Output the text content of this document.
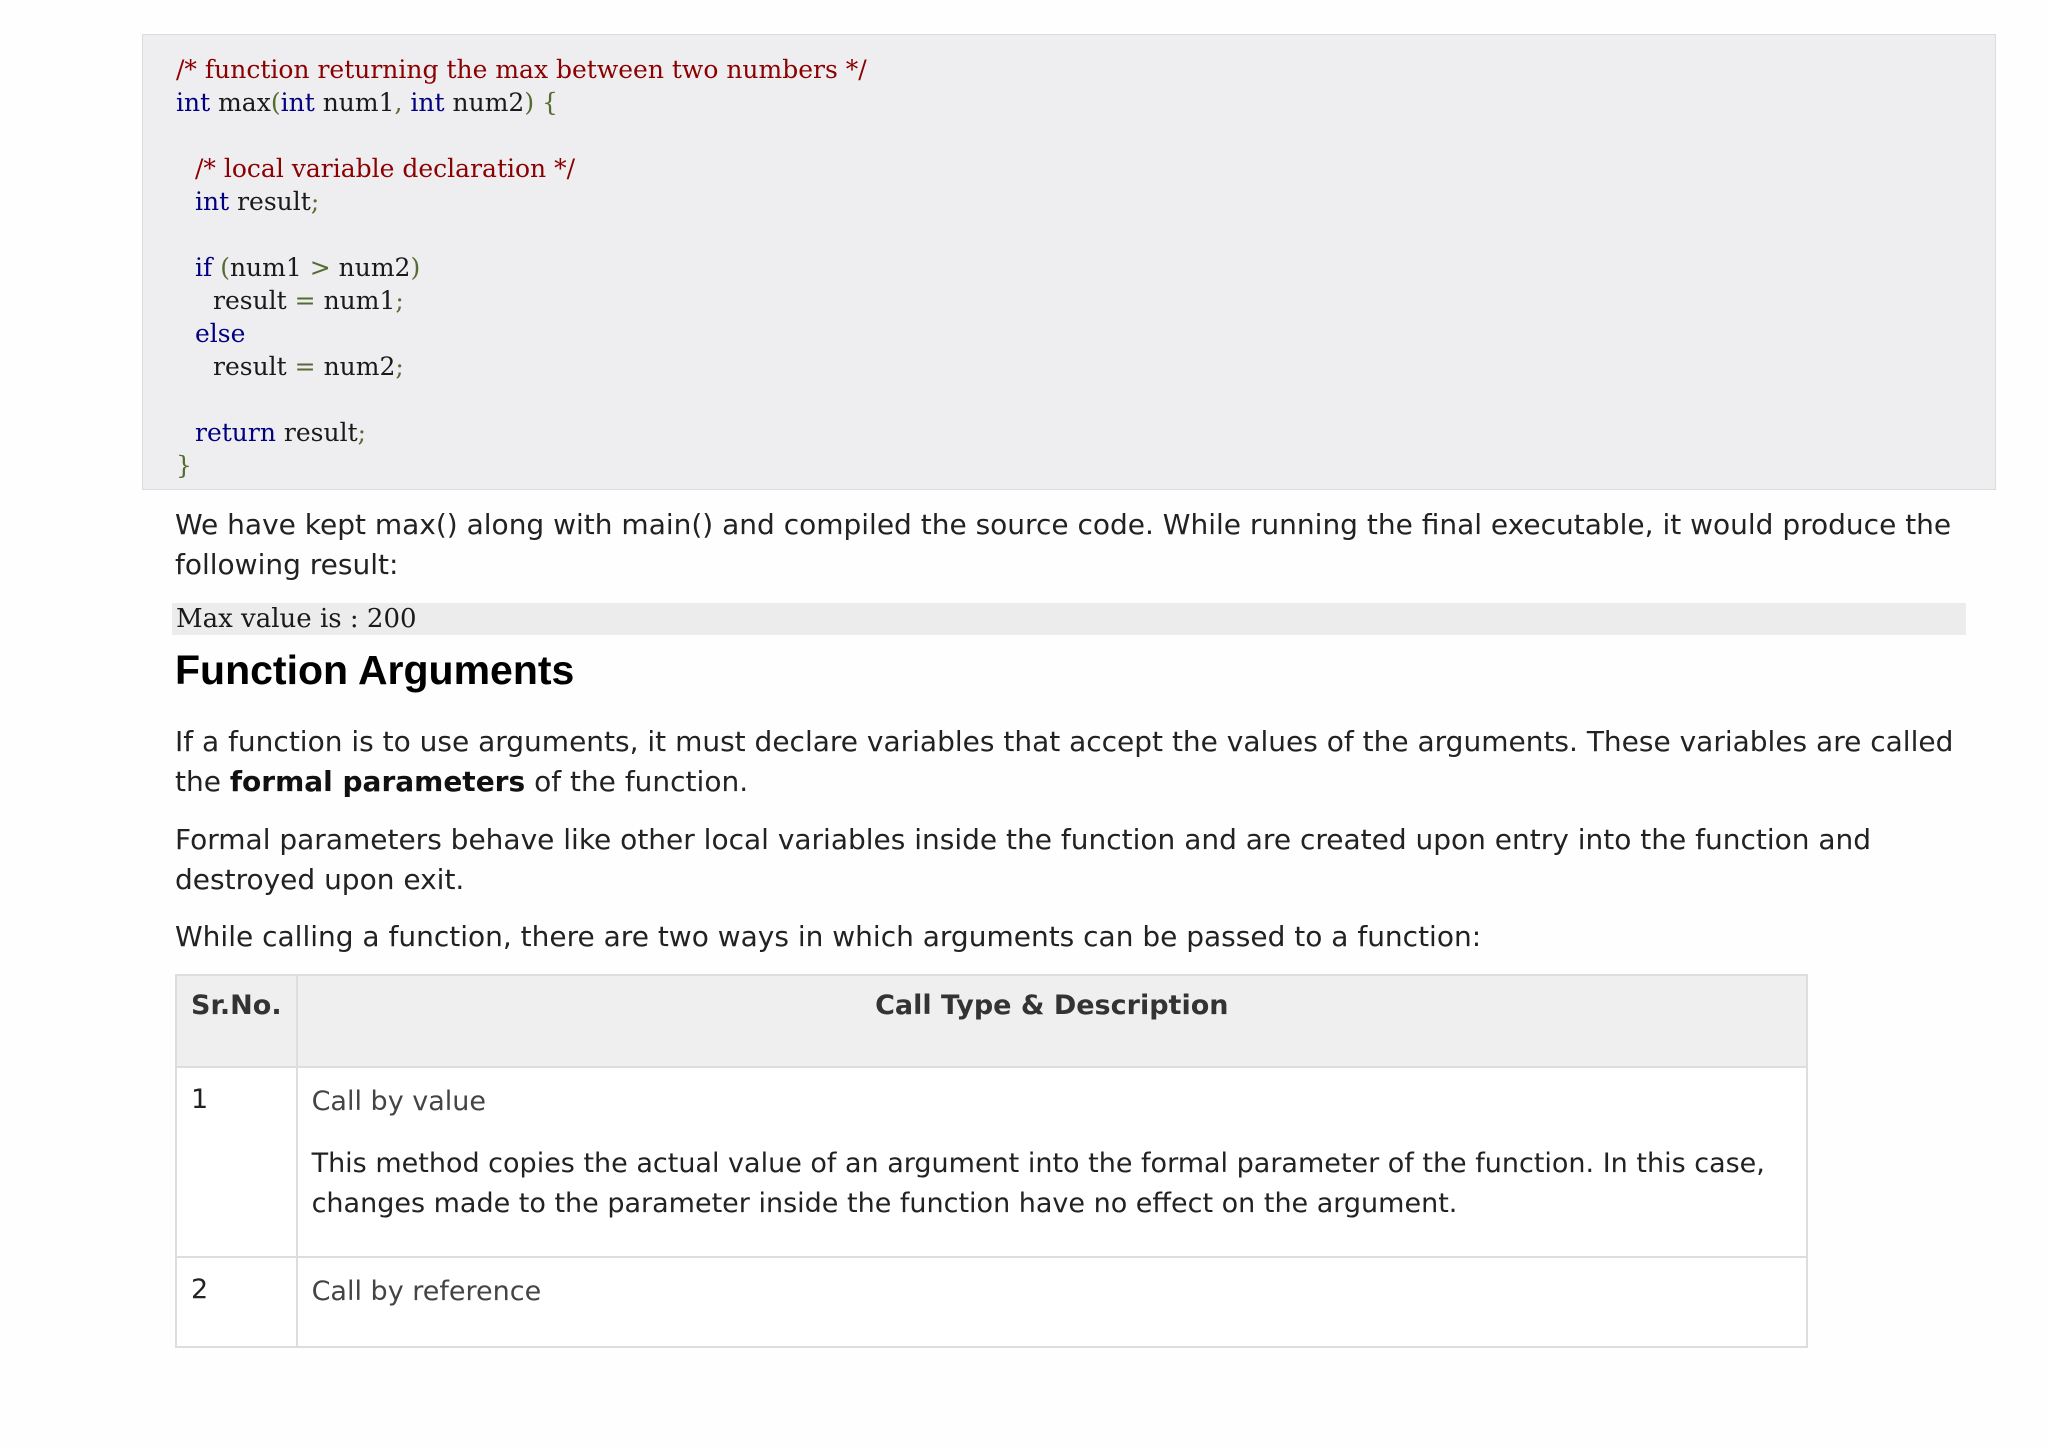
/* function returning the max between two numbers */
int max(int num1, int num2) {
/* local variable declaration */
int result;
if (num1 > num2)
result = num1;
else
result = num2;
return result;
}

We have kept max() along with main() and compiled the source code. While running the final executable, it would produce the following result:

Max value is : 200
Function Arguments

If a function is to use arguments, it must declare variables that accept the values of the arguments. These variables are called the formal parameters of the function.

Formal parameters behave like other local variables inside the function and are created upon entry into the function and destroyed upon exit.

While calling a function, there are two ways in which arguments can be passed to a function:

Sr.No.	Call Type & Description
1	Call by value
This method copies the actual value of an argument into the formal parameter of the function. In this case, changes made to the parameter inside the function have no effect on the argument.

2	Call by reference
